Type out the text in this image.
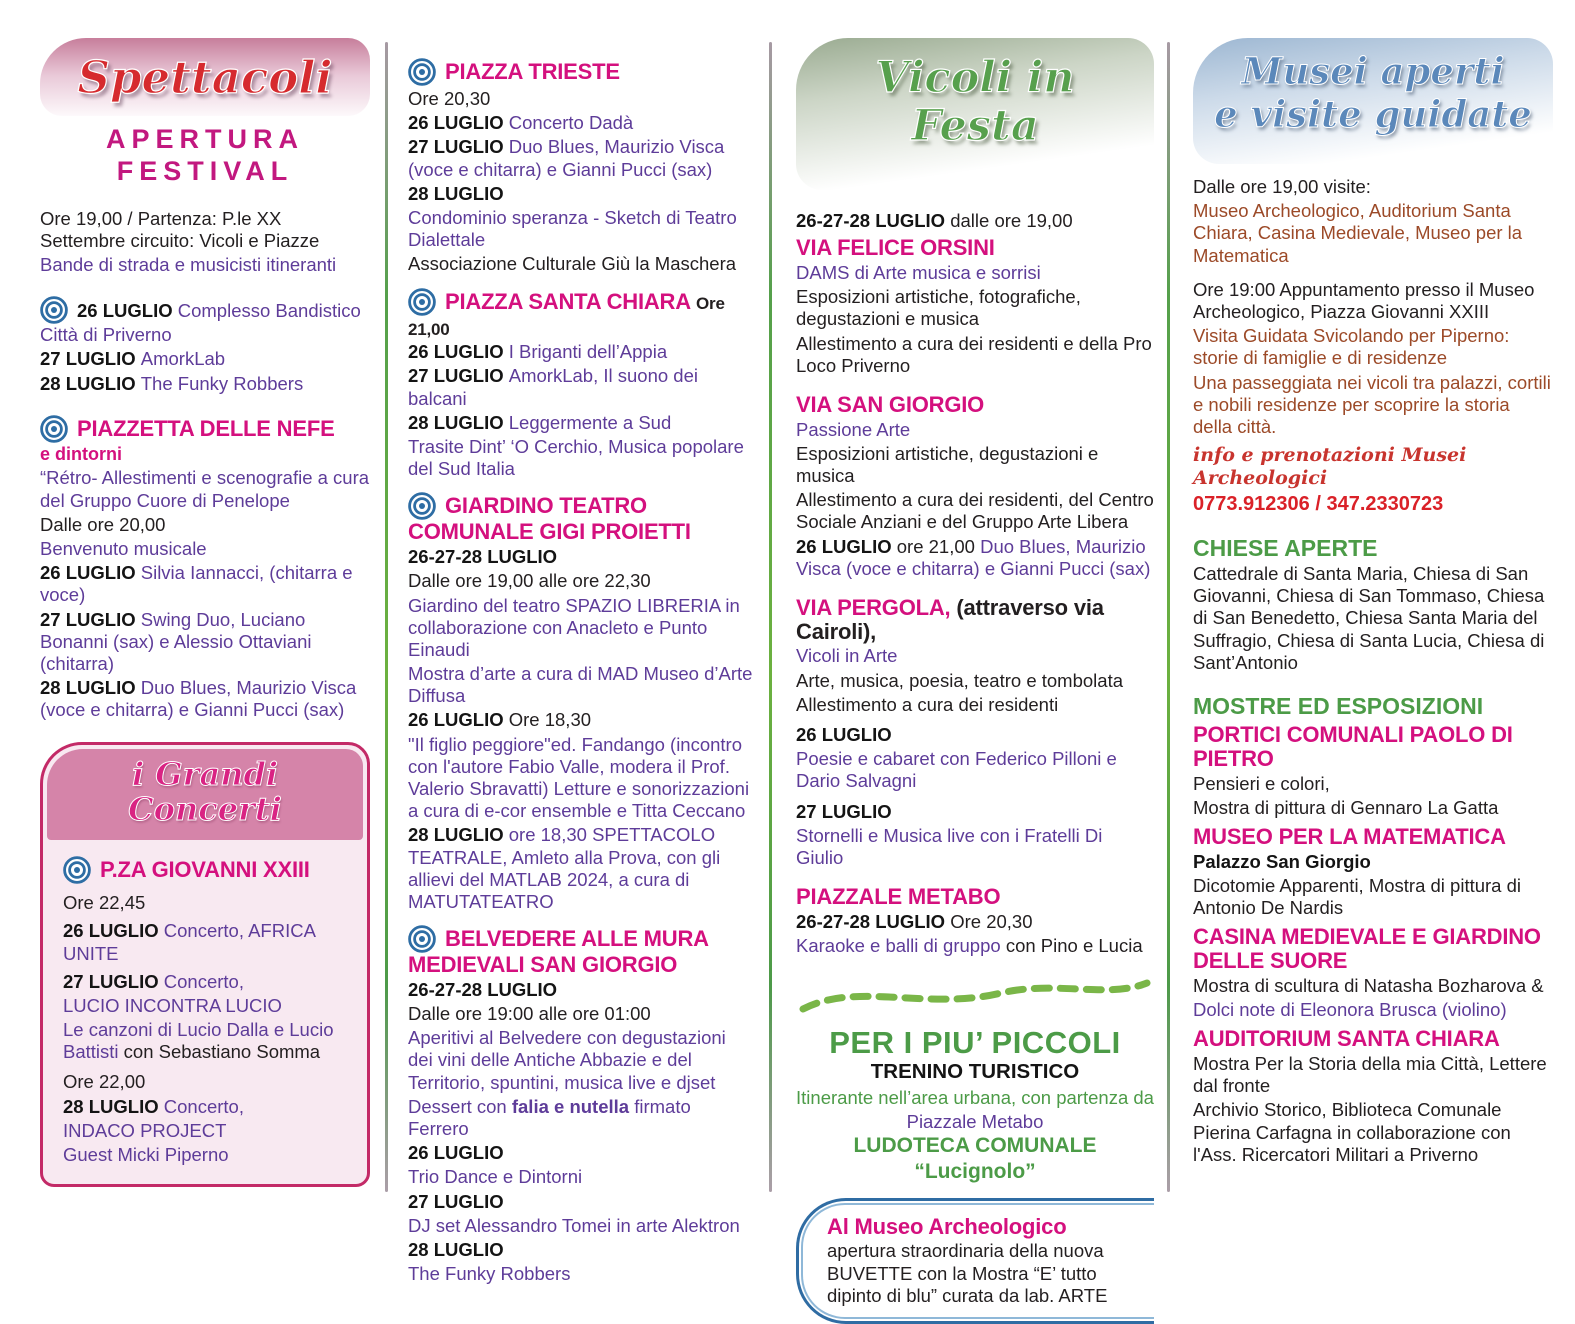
Spettacoli
APERTURA
FESTIVAL
Ore 19,00 / Partenza: P.le XX Settembre circuito: Vicoli e Piazze
Bande di strada e musicisti itineranti
26 LUGLIO Complesso Bandistico Città di Priverno
27 LUGLIO AmorkLab
28 LUGLIO The Funky Robbers
PIAZZETTA DELLE NEFE
e dintorni
“Rétro- Allestimenti e scenografie a cura del Gruppo Cuore di Penelope
Dalle ore 20,00
Benvenuto musicale
26 LUGLIO Silvia Iannacci, (chitarra e voce)
27 LUGLIO Swing Duo, Luciano Bonanni (sax) e Alessio Ottaviani (chitarra)
28 LUGLIO Duo Blues, Maurizio Visca (voce e chitarra) e Gianni Pucci (sax)
i Grandi
Concerti
P.ZA GIOVANNI XXIII
Ore 22,45
26 LUGLIO Concerto, AFRICA UNITE
27 LUGLIO Concerto,
LUCIO INCONTRA LUCIO
Le canzoni di Lucio Dalla e Lucio Battisti con Sebastiano Somma
Ore 22,00
28 LUGLIO Concerto,
INDACO PROJECT
Guest Micki Piperno
PIAZZA TRIESTE
Ore 20,30
26 LUGLIO Concerto Dadà
27 LUGLIO Duo Blues, Maurizio Visca (voce e chitarra) e Gianni Pucci (sax)
28 LUGLIO
Condominio speranza - Sketch di Teatro Dialettale
Associazione Culturale Giù la Maschera
PIAZZA SANTA CHIARA Ore 21,00
26 LUGLIO I Briganti dell’Appia
27 LUGLIO AmorkLab, Il suono dei balcani
28 LUGLIO Leggermente a Sud
Trasite Dint’ ‘O Cerchio, Musica popolare del Sud Italia
GIARDINO TEATRO COMUNALE GIGI PROIETTI
26-27-28 LUGLIO
Dalle ore 19,00 alle ore 22,30
Giardino del teatro SPAZIO LIBRERIA in collaborazione con Anacleto e Punto Einaudi
Mostra d’arte a cura di MAD Museo d’Arte Diffusa
26 LUGLIO Ore 18,30
"Il figlio peggiore"ed. Fandango (incontro con l'autore Fabio Valle, modera il Prof. Valerio Sbravatti) Letture e sonorizzazioni a cura di e-cor ensemble e Titta Ceccano
28 LUGLIO ore 18,30 SPETTACOLO TEATRALE, Amleto alla Prova, con gli allievi del MATLAB 2024, a cura di MATUTATEATRO
BELVEDERE ALLE MURA MEDIEVALI SAN GIORGIO
26-27-28 LUGLIO
Dalle ore 19:00 alle ore 01:00
Aperitivi al Belvedere con degustazioni dei vini delle Antiche Abbazie e del Territorio, spuntini, musica live e djset
Dessert con falia e nutella firmato Ferrero
26 LUGLIO
Trio Dance e Dintorni
27 LUGLIO
DJ set Alessandro Tomei in arte Alektron
28 LUGLIO
The Funky Robbers
Vicoli in
Festa
26-27-28 LUGLIO dalle ore 19,00
VIA FELICE ORSINI
DAMS di Arte musica e sorrisi
Esposizioni artistiche, fotografiche, degustazioni e musica
Allestimento a cura dei residenti e della Pro Loco Priverno
VIA SAN GIORGIO
Passione Arte
Esposizioni artistiche, degustazioni e musica
Allestimento a cura dei residenti, del Centro Sociale Anziani e del Gruppo Arte Libera
26 LUGLIO ore 21,00 Duo Blues, Maurizio Visca (voce e chitarra) e Gianni Pucci (sax)
VIA PERGOLA, (attraverso via Cairoli),
Vicoli in Arte
Arte, musica, poesia, teatro e tombolata
Allestimento a cura dei residenti
26 LUGLIO
Poesie e cabaret con Federico Pilloni e Dario Salvagni
27 LUGLIO
Stornelli e Musica live con i Fratelli Di Giulio
PIAZZALE METABO
26-27-28 LUGLIO Ore 20,30
Karaoke e balli di gruppo con Pino e Lucia
PER I PIU’ PICCOLI
TRENINO TURISTICO
Itinerante nell’area urbana, con partenza da
Piazzale Metabo
LUDOTECA COMUNALE “Lucignolo”
Al Museo Archeologico
apertura straordinaria della nuova BUVETTE con la Mostra “E’ tutto dipinto di blu” curata da lab. ARTE
Musei aperti
e visite guidate
Dalle ore 19,00 visite:
Museo Archeologico, Auditorium Santa Chiara, Casina Medievale, Museo per la Matematica
Ore 19:00 Appuntamento presso il Museo Archeologico, Piazza Giovanni XXIII
Visita Guidata Svicolando per Piperno: storie di famiglie e di residenze
Una passeggiata nei vicoli tra palazzi, cortili e nobili residenze per scoprire la storia della città.
info e prenotazioni Musei Archeologici
0773.912306 / 347.2330723
CHIESE APERTE
Cattedrale di Santa Maria, Chiesa di San Giovanni, Chiesa di San Tommaso, Chiesa di San Benedetto, Chiesa Santa Maria del Suffragio, Chiesa di Santa Lucia, Chiesa di Sant’Antonio
MOSTRE ED ESPOSIZIONI
PORTICI COMUNALI PAOLO DI PIETRO
Pensieri e colori,
Mostra di pittura di Gennaro La Gatta
MUSEO PER LA MATEMATICA
Palazzo San Giorgio
Dicotomie Apparenti, Mostra di pittura di Antonio De Nardis
CASINA MEDIEVALE E GIARDINO DELLE SUORE
Mostra di scultura di Natasha Bozharova &
Dolci note di Eleonora Brusca (violino)
AUDITORIUM SANTA CHIARA
Mostra Per la Storia della mia Città, Lettere dal fronte
Archivio Storico, Biblioteca Comunale Pierina Carfagna in collaborazione con l'Ass. Ricercatori Militari a Priverno
